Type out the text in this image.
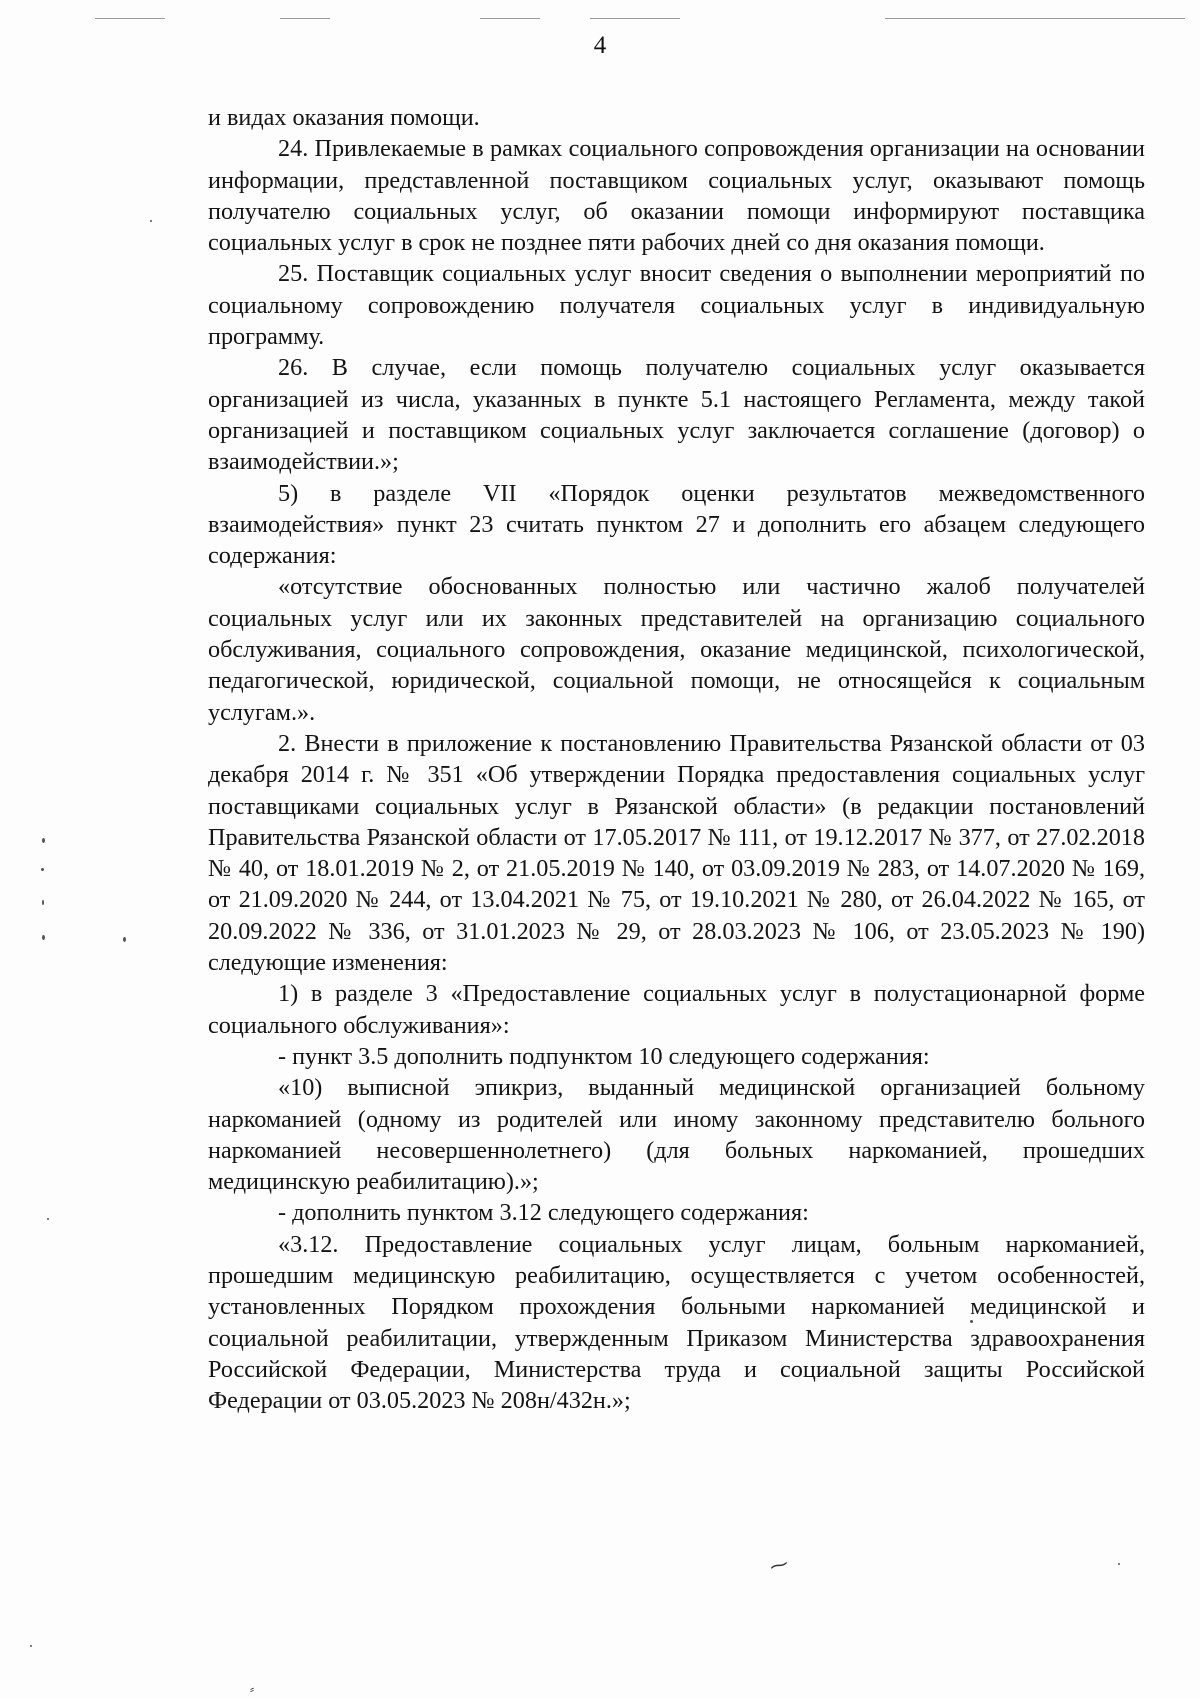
4

и видах оказания помощи.

24. Привлекаемые в рамках социального сопровождения организации на основании информации, представленной поставщиком социальных услуг, оказывают помощь получателю социальных услуг, об оказании помощи информируют поставщика социальных услуг в срок не позднее пяти рабочих дней со дня оказания помощи.

25. Поставщик социальных услуг вносит сведения о выполнении мероприятий по социальному сопровождению получателя социальных услуг в индивидуальную программу.

26. В случае, если помощь получателю социальных услуг оказывается организацией из числа, указанных в пункте 5.1 настоящего Регламента, между такой организацией и поставщиком социальных услуг заключается соглашение (договор) о взаимодействии.»;

5) в разделе VII «Порядок оценки результатов межведомственного взаимодействия» пункт 23 считать пунктом 27 и дополнить его абзацем следующего содержания:

«отсутствие обоснованных полностью или частично жалоб получателей социальных услуг или их законных представителей на организацию социального обслуживания, социального сопровождения, оказание медицинской, психологической, педагогической, юридической, социальной помощи, не относящейся к социальным услугам.».

2. Внести в приложение к постановлению Правительства Рязанской области от 03 декабря 2014 г. № 351 «Об утверждении Порядка предоставления социальных услуг поставщиками социальных услуг в Рязанской области» (в редакции постановлений Правительства Рязанской области от 17.05.2017 № 111, от 19.12.2017 № 377, от 27.02.2018 № 40, от 18.01.2019 № 2, от 21.05.2019 № 140, от 03.09.2019 № 283, от 14.07.2020 № 169, от 21.09.2020 № 244, от 13.04.2021 № 75, от 19.10.2021 № 280, от 26.04.2022 № 165, от 20.09.2022 № 336, от 31.01.2023 № 29, от 28.03.2023 № 106, от 23.05.2023 № 190) следующие изменения:

1) в разделе 3 «Предоставление социальных услуг в полустационарной форме социального обслуживания»:

- пункт 3.5 дополнить подпунктом 10 следующего содержания:

«10) выписной эпикриз, выданный медицинской организацией больному наркоманией (одному из родителей или иному законному представителю больного наркоманией несовершеннолетнего) (для больных наркоманией, прошедших медицинскую реабилитацию).»;

- дополнить пунктом 3.12 следующего содержания:

«3.12. Предоставление социальных услуг лицам, больным наркоманией, прошедшим медицинскую реабилитацию, осуществляется с учетом особенностей, установленных Порядком прохождения больными наркоманией медицинской и социальной реабилитации, утвержденным Приказом Министерства здравоохранения Российской Федерации, Министерства труда и социальной защиты Российской Федерации от 03.05.2023 № 208н/432н.»;

⁓
⸗
